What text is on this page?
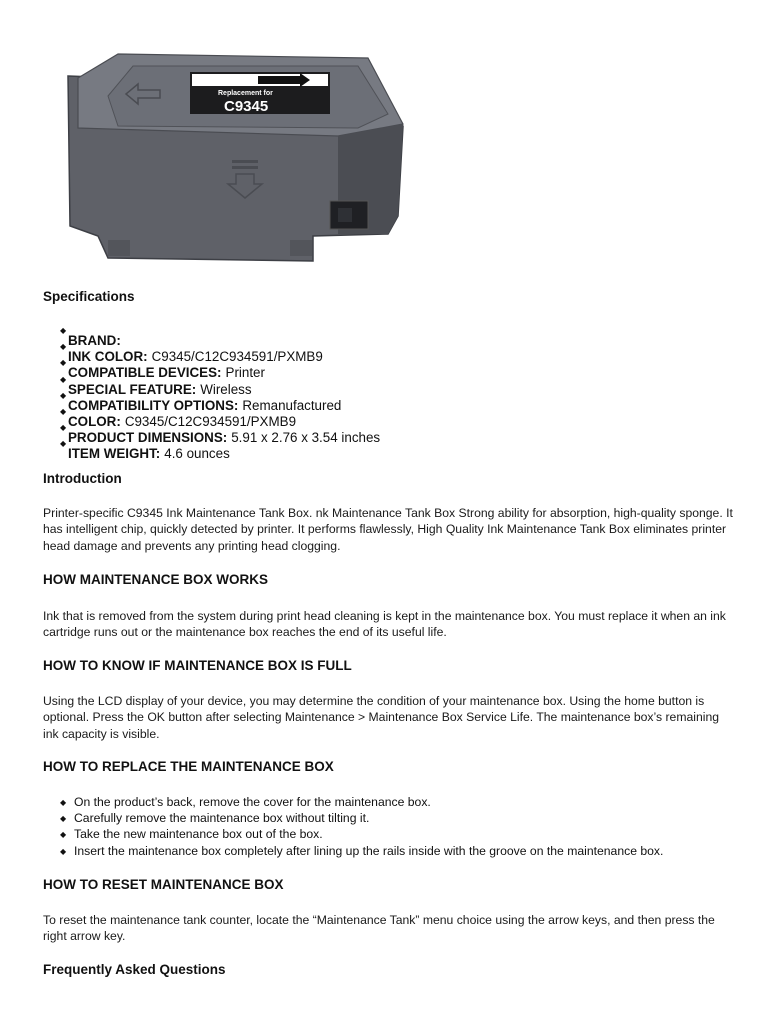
Replacement for
C9345
Specifications
◆
BRAND:
◆
INK COLOR: C9345/C12C934591/PXMB9
◆
COMPATIBLE DEVICES: Printer
◆
SPECIAL FEATURE: Wireless
◆
COMPATIBILITY OPTIONS: Remanufactured
◆
COLOR: C9345/C12C934591/PXMB9
◆
PRODUCT DIMENSIONS: 5.91 x 2.76 x 3.54 inches
◆
ITEM WEIGHT: 4.6 ounces
Introduction

Printer-specific C9345 Ink Maintenance Tank Box. nk Maintenance Tank Box Strong ability for absorption, high-quality sponge. It has intelligent chip, quickly detected by printer. It performs flawlessly, High Quality Ink Maintenance Tank Box eliminates printer head damage and prevents any printing head clogging.

HOW MAINTENANCE BOX WORKS

Ink that is removed from the system during print head cleaning is kept in the maintenance box. You must replace it when an ink cartridge runs out or the maintenance box reaches the end of its useful life.

HOW TO KNOW IF MAINTENANCE BOX IS FULL

Using the LCD display of your device, you may determine the condition of your maintenance box. Using the home button is optional. Press the OK button after selecting Maintenance > Maintenance Box Service Life. The maintenance box’s remaining ink capacity is visible.

HOW TO REPLACE THE MAINTENANCE BOX
◆ On the product’s back, remove the cover for the maintenance box.
◆ Carefully remove the maintenance box without tilting it.
◆ Take the new maintenance box out of the box.
◆ Insert the maintenance box completely after lining up the rails inside with the groove on the maintenance box.
HOW TO RESET MAINTENANCE BOX

To reset the maintenance tank counter, locate the “Maintenance Tank” menu choice using the arrow keys, and then press the right arrow key.

Frequently Asked Questions
